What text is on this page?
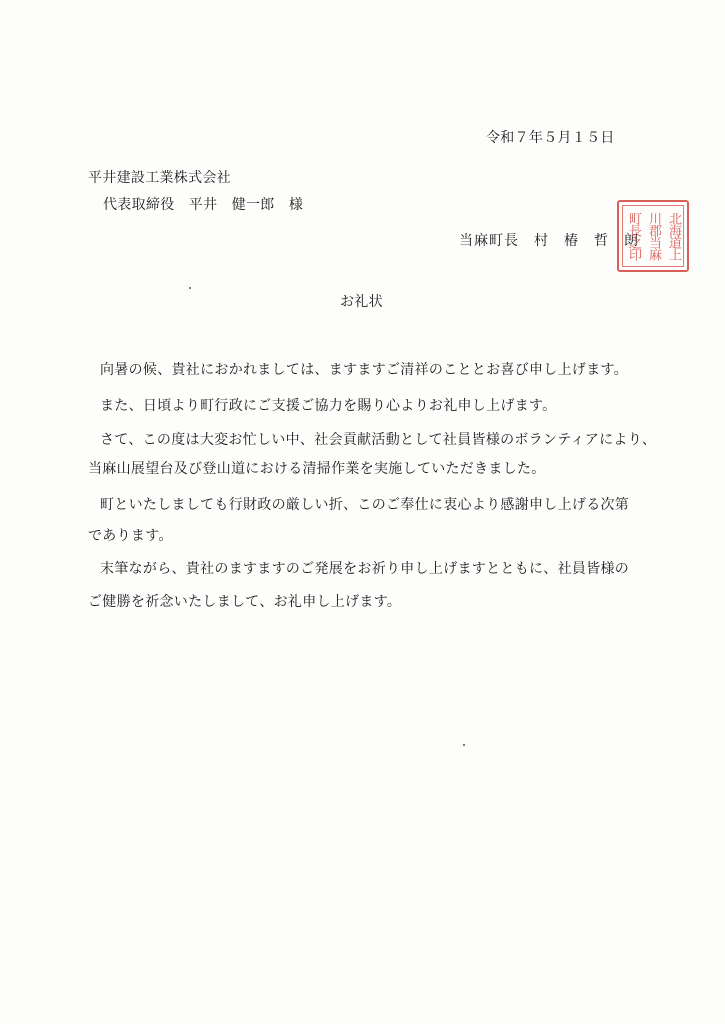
令和７年５月１５日
平井建設工業株式会社
代表取締役　平井　健一郎　様
当麻町長　村　椿　哲　朗 北海道上
川郡当麻
町長之印
お礼状
向暑の候、貴社におかれましては、ますますご清祥のこととお喜び申し上げます。
また、日頃より町行政にご支援ご協力を賜り心よりお礼申し上げます。
さて、この度は大変お忙しい中、社会貢献活動として社員皆様のボランティアにより、
当麻山展望台及び登山道における清掃作業を実施していただきました。
町といたしましても行財政の厳しい折、このご奉仕に衷心より感謝申し上げる次第
であります。
末筆ながら、貴社のますますのご発展をお祈り申し上げますとともに、社員皆様の
ご健勝を祈念いたしまして、お礼申し上げます。
